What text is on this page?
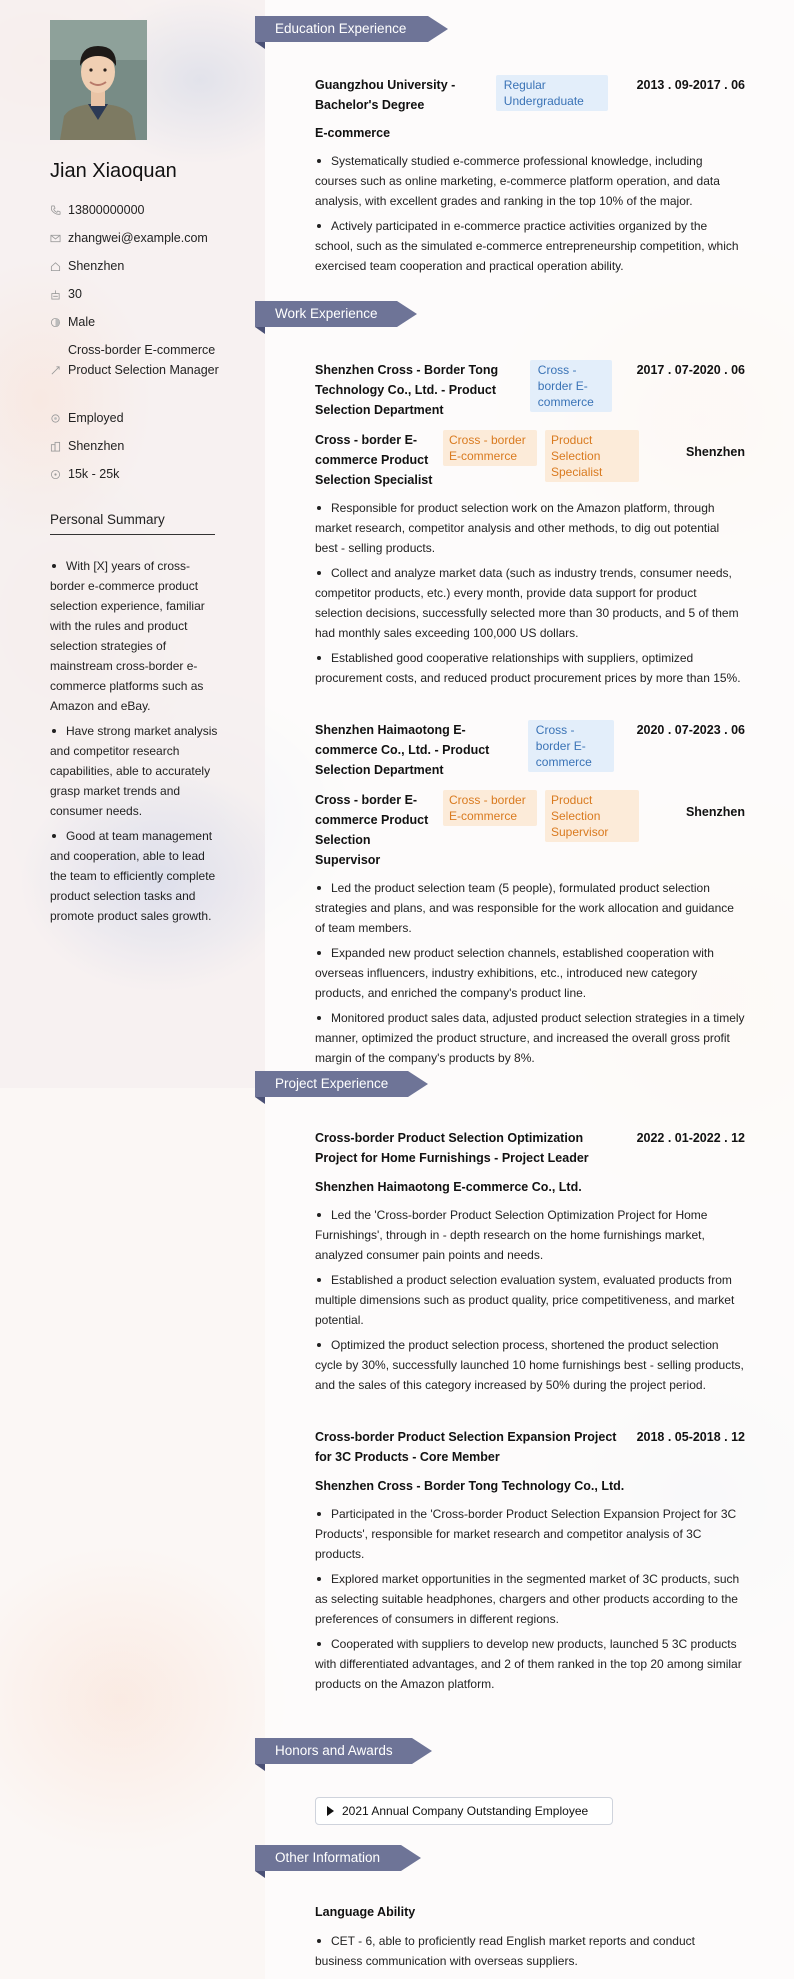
Jian Xiaoquan
13800000000
zhangwei@example.com
Shenzhen
30
Male
Cross-border E-commerce Product Selection Manager
Employed
Shenzhen
15k - 25k
Personal Summary
With [X] years of cross-border e-commerce product selection experience, familiar with the rules and product selection strategies of mainstream cross-border e-commerce platforms such as Amazon and eBay.
Have strong market analysis and competitor research capabilities, able to accurately grasp market trends and consumer needs.
Good at team management and cooperation, able to lead the team to efficiently complete product selection tasks and promote product sales growth.
Education Experience
Guangzhou University - Bachelor's Degree
Regular Undergraduate
2013 . 09-2017 . 06
E-commerce
Systematically studied e-commerce professional knowledge, including courses such as online marketing, e-commerce platform operation, and data analysis, with excellent grades and ranking in the top 10% of the major.
Actively participated in e-commerce practice activities organized by the school, such as the simulated e-commerce entrepreneurship competition, which exercised team cooperation and practical operation ability.
Work Experience
Shenzhen Cross - Border Tong Technology Co., Ltd. - Product Selection Department
Cross - border E-commerce
2017 . 07-2020 . 06
Cross - border E-commerce Product Selection Specialist
Cross - border E-commerce
Product Selection Specialist
Shenzhen
Responsible for product selection work on the Amazon platform, through market research, competitor analysis and other methods, to dig out potential best - selling products.
Collect and analyze market data (such as industry trends, consumer needs, competitor products, etc.) every month, provide data support for product selection decisions, successfully selected more than 30 products, and 5 of them had monthly sales exceeding 100,000 US dollars.
Established good cooperative relationships with suppliers, optimized procurement costs, and reduced product procurement prices by more than 15%.
Shenzhen Haimaotong E-commerce Co., Ltd. - Product Selection Department
Cross - border E-commerce
2020 . 07-2023 . 06
Cross - border E-commerce Product Selection Supervisor
Cross - border E-commerce
Product Selection Supervisor
Shenzhen
Led the product selection team (5 people), formulated product selection strategies and plans, and was responsible for the work allocation and guidance of team members.
Expanded new product selection channels, established cooperation with overseas influencers, industry exhibitions, etc., introduced new category products, and enriched the company's product line.
Monitored product sales data, adjusted product selection strategies in a timely manner, optimized the product structure, and increased the overall gross profit margin of the company's products by 8%.
Project Experience
Cross-border Product Selection Optimization Project for Home Furnishings - Project Leader
2022 . 01-2022 . 12
Shenzhen Haimaotong E-commerce Co., Ltd.
Led the 'Cross-border Product Selection Optimization Project for Home Furnishings', through in - depth research on the home furnishings market, analyzed consumer pain points and needs.
Established a product selection evaluation system, evaluated products from multiple dimensions such as product quality, price competitiveness, and market potential.
Optimized the product selection process, shortened the product selection cycle by 30%, successfully launched 10 home furnishings best - selling products, and the sales of this category increased by 50% during the project period.
Cross-border Product Selection Expansion Project for 3C Products - Core Member
2018 . 05-2018 . 12
Shenzhen Cross - Border Tong Technology Co., Ltd.
Participated in the 'Cross-border Product Selection Expansion Project for 3C Products', responsible for market research and competitor analysis of 3C products.
Explored market opportunities in the segmented market of 3C products, such as selecting suitable headphones, chargers and other products according to the preferences of consumers in different regions.
Cooperated with suppliers to develop new products, launched 5 3C products with differentiated advantages, and 2 of them ranked in the top 20 among similar products on the Amazon platform.
Honors and Awards
2021 Annual Company Outstanding Employee
Other Information
Language Ability
CET - 6, able to proficiently read English market reports and conduct business communication with overseas suppliers.
